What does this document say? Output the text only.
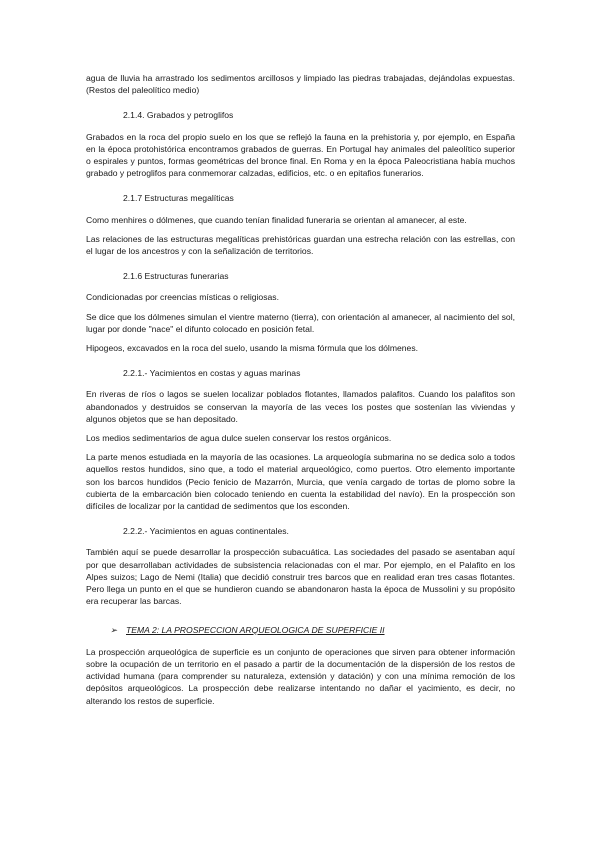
agua de lluvia ha arrastrado los sedimentos arcillosos y limpiado las piedras trabajadas, dejándolas expuestas. (Restos del paleolítico medio)

2.1.4. Grabados y petroglifos

Grabados en la roca del propio suelo en los que se reflejó la fauna en la prehistoria y, por ejemplo, en España en la época protohistórica encontramos grabados de guerras. En Portugal hay animales del paleolítico superior o espirales y puntos, formas geométricas del bronce final. En Roma y en la época Paleocristiana había muchos grabado y petroglifos para conmemorar calzadas, edificios, etc. o en epitafios funerarios.

2.1.7 Estructuras megalíticas

Como menhires o dólmenes, que cuando tenían finalidad funeraria se orientan al amanecer, al este.

Las relaciones de las estructuras megalíticas prehistóricas guardan una estrecha relación con las estrellas, con el lugar de los ancestros y con la señalización de territorios.

2.1.6 Estructuras funerarias

Condicionadas por creencias místicas o religiosas.

Se dice que los dólmenes simulan el vientre materno (tierra), con orientación al amanecer, al nacimiento del sol, lugar por donde "nace" el difunto colocado en posición fetal.

Hipogeos, excavados en la roca del suelo, usando la misma fórmula que los dólmenes.

2.2.1.- Yacimientos en costas y aguas marinas

En riveras de ríos o lagos se suelen localizar poblados flotantes, llamados palafitos. Cuando los palafitos son abandonados y destruidos se conservan la mayoría de las veces los postes que sostenían las viviendas y algunos objetos que se han depositado.

Los medios sedimentarios de agua dulce suelen conservar los restos orgánicos.

La parte menos estudiada en la mayoría de las ocasiones. La arqueología submarina no se dedica solo a todos aquellos restos hundidos, sino que, a todo el material arqueológico, como puertos. Otro elemento importante son los barcos hundidos (Pecio fenicio de Mazarrón, Murcia, que venía cargado de tortas de plomo sobre la cubierta de la embarcación bien colocado teniendo en cuenta la estabilidad del navío). En la prospección son difíciles de localizar por la cantidad de sedimentos que los esconden.

2.2.2.- Yacimientos en aguas continentales.

También aquí se puede desarrollar la prospección subacuática. Las sociedades del pasado se asentaban aquí por que desarrollaban actividades de subsistencia relacionadas con el mar. Por ejemplo, en el Palafito en los Alpes suizos; Lago de Nemi (Italia) que decidió construir tres barcos que en realidad eran tres casas flotantes. Pero llega un punto en el que se hundieron cuando se abandonaron hasta la época de Mussolini y su propósito era recuperar las barcas.

➢ TEMA 2: LA PROSPECCION ARQUEOLOGICA DE SUPERFICIE II

La prospección arqueológica de superficie es un conjunto de operaciones que sirven para obtener información sobre la ocupación de un territorio en el pasado a partir de la documentación de la dispersión de los restos de actividad humana (para comprender su naturaleza, extensión y datación) y con una mínima remoción de los depósitos arqueológicos. La prospección debe realizarse intentando no dañar el yacimiento, es decir, no alterando los restos de superficie.
